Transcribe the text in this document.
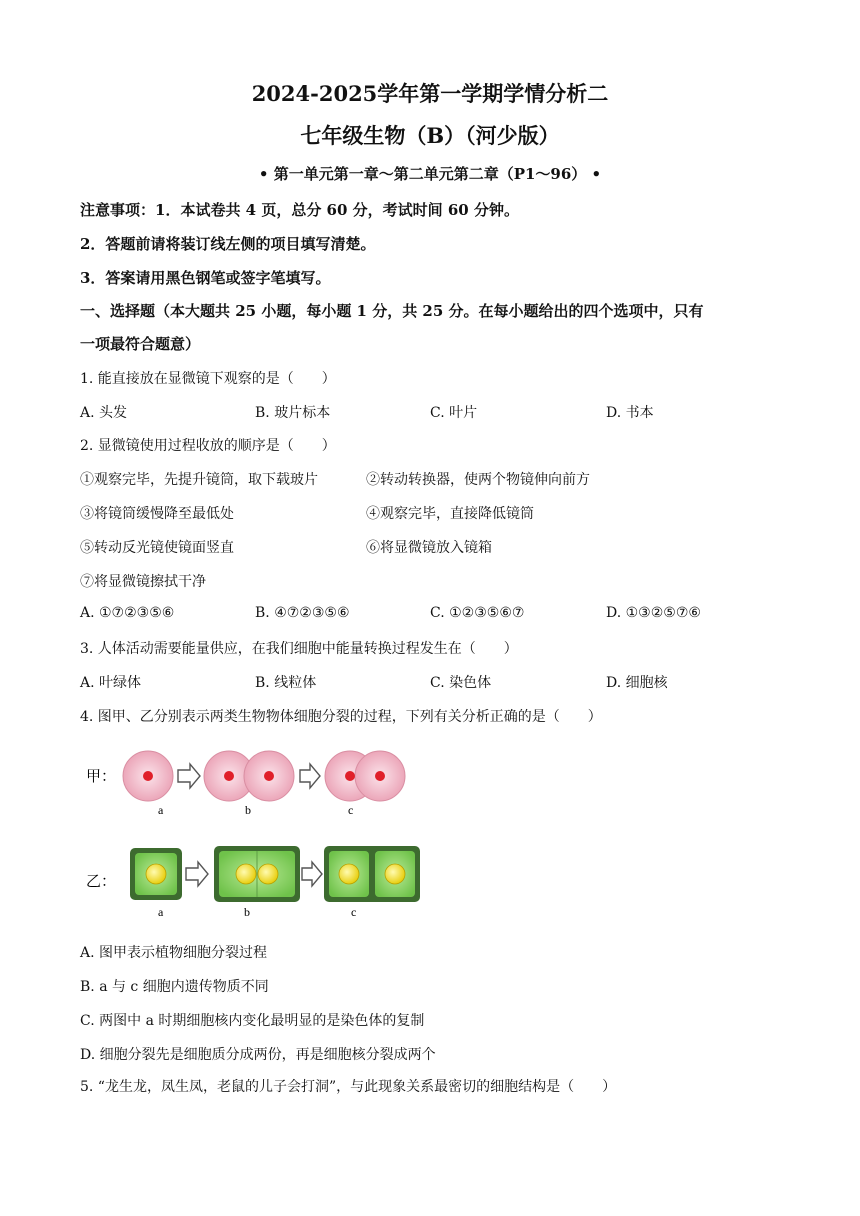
2024-2025学年第一学期学情分析二
七年级生物（B）（河少版）
• 第一单元第一章～第二单元第二章（P1～96） •
注意事项：1．本试卷共 4 页，总分 60 分，考试时间 60 分钟。
2．答题前请将装订线左侧的项目填写清楚。
3．答案请用黑色钢笔或签字笔填写。
一、选择题（本大题共 25 小题，每小题 1 分，共 25 分。在每小题给出的四个选项中，只有
一项最符合题意）
1. 能直接放在显微镜下观察的是（　　）
A. 头发	B. 玻片标本	C. 叶片	D. 书本
2. 显微镜使用过程收放的顺序是（　　）
①观察完毕，先提升镜筒，取下载玻片	②转动转换器，使两个物镜伸向前方
③将镜筒缓慢降至最低处	④观察完毕，直接降低镜筒
⑤转动反光镜使镜面竖直	⑥将显微镜放入镜箱
⑦将显微镜擦拭干净
A. ①⑦②③⑤⑥	B. ④⑦②③⑤⑥	C. ①②③⑤⑥⑦	D. ①③②⑤⑦⑥
3. 人体活动需要能量供应，在我们细胞中能量转换过程发生在（　　）
A. 叶绿体	B. 线粒体	C. 染色体	D. 细胞核
4. 图甲、乙分别表示两类生物物体细胞分裂的过程，下列有关分析正确的是（　　）
甲：
a	b	c
乙：
a	b	c
A. 图甲表示植物细胞分裂过程
B. a 与 c 细胞内遗传物质不同
C. 两图中 a 时期细胞核内变化最明显的是染色体的复制
D. 细胞分裂先是细胞质分成两份，再是细胞核分裂成两个
5. “龙生龙，凤生凤，老鼠的儿子会打洞”，与此现象关系最密切的细胞结构是（　　）
